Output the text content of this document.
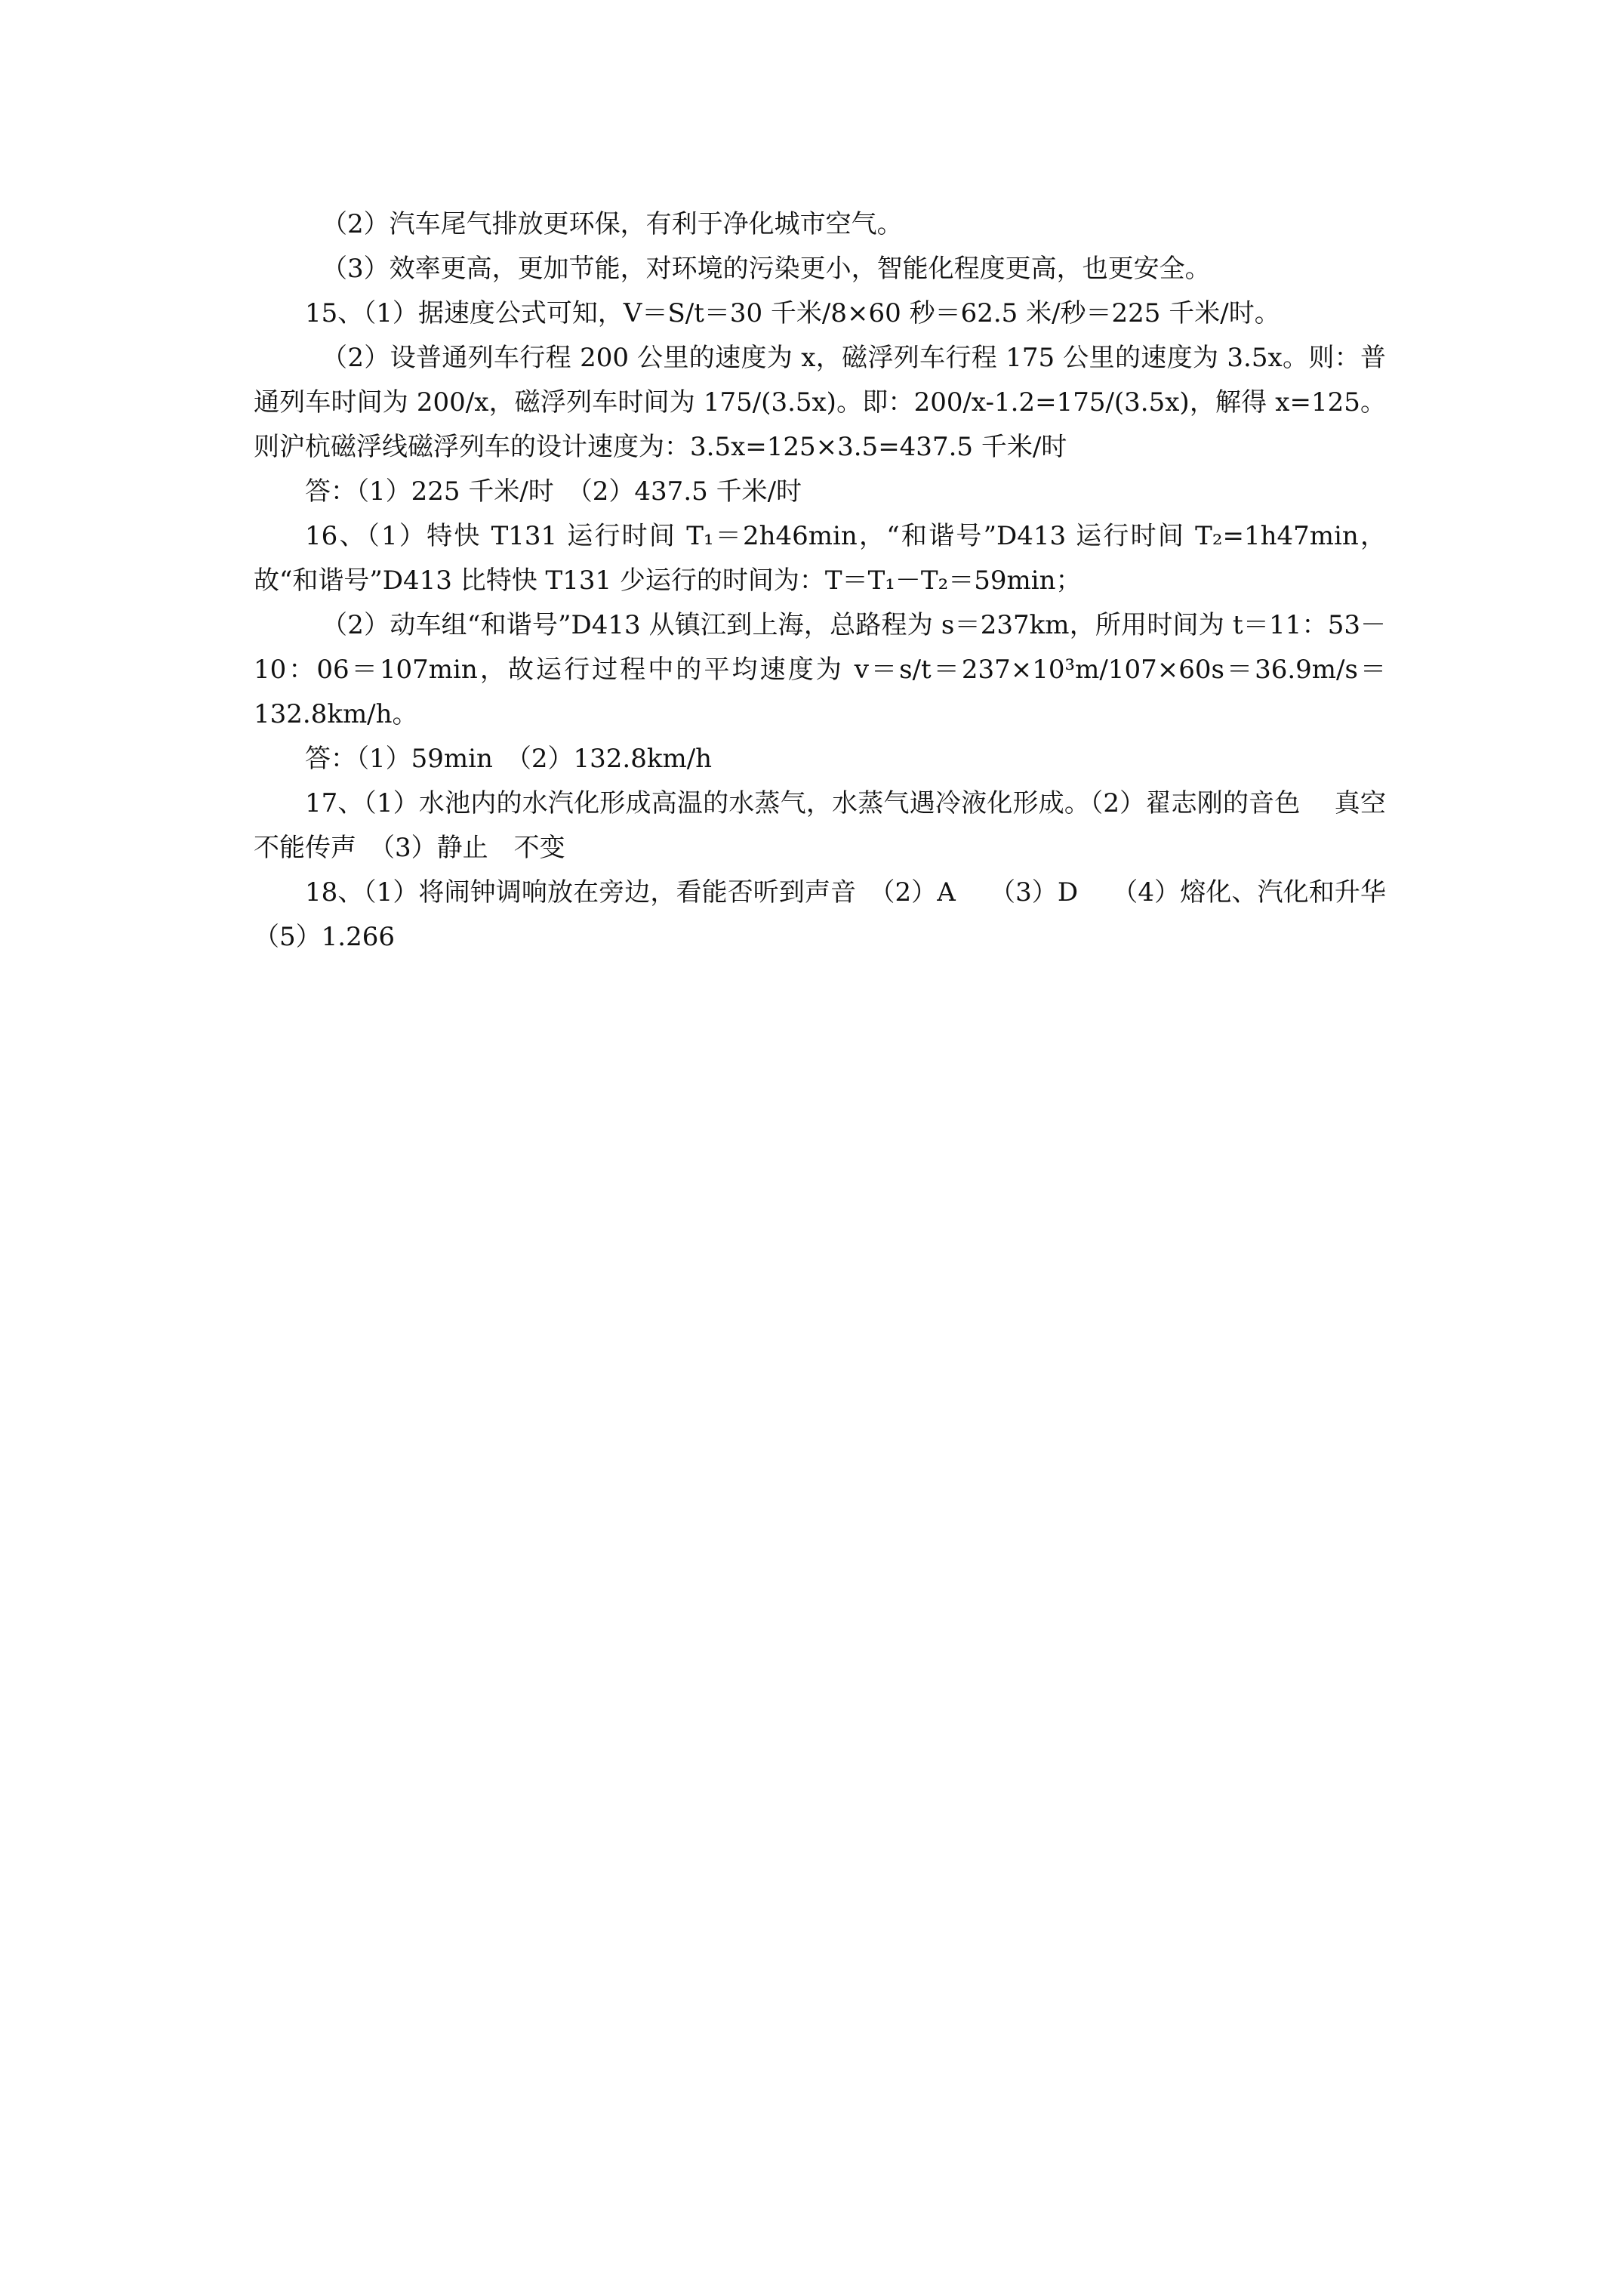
（2）汽车尾气排放更环保，有利于净化城市空气。

（3）效率更高，更加节能，对环境的污染更小，智能化程度更高，也更安全。

15、（1）据速度公式可知，V＝S/t＝30 千米/8×60 秒＝62.5 米/秒＝225 千米/时。

（2）设普通列车行程 200 公里的速度为 x，磁浮列车行程 175 公里的速度为 3.5x。则：普通列车时间为 200/x，磁浮列车时间为 175/(3.5x)。即：200/x-1.2=175/(3.5x)，解得 x=125。则沪杭磁浮线磁浮列车的设计速度为：3.5x=125×3.5=437.5 千米/时

答：（1）225 千米/时　（2）437.5 千米/时

16、（1）特快 T131 运行时间 T₁＝2h46min，“和谐号”D413 运行时间 T₂=1h47min，故“和谐号”D413 比特快 T131 少运行的时间为：T＝T₁－T₂＝59min；

（2）动车组“和谐号”D413 从镇江到上海，总路程为 s＝237km，所用时间为 t＝11：53－10：06＝107min，故运行过程中的平均速度为 v＝s/t＝237×10³m/107×60s＝36.9m/s＝132.8km/h。

答：（1）59min　（2）132.8km/h

17、（1）水池内的水汽化形成高温的水蒸气，水蒸气遇冷液化形成。（2）翟志刚的音色　 真空不能传声　（3）静止　不变

18、（1）将闹钟调响放在旁边，看能否听到声音　（2）A　 （3）D　 （4）熔化、汽化和升华　 （5）1.266
